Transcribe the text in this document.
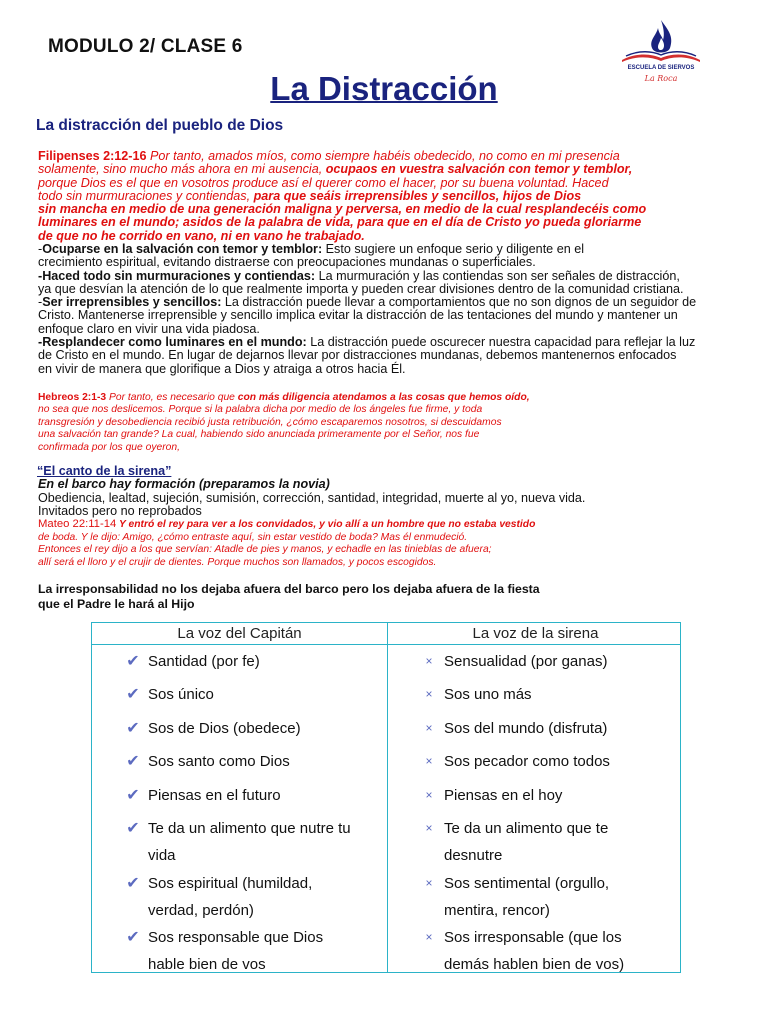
MODULO 2/ CLASE 6
La Distracción
ESCUELA DE SIERVOS
La Roca
La distracción del pueblo de Dios
Filipenses 2:12-16 Por tanto, amados míos, como siempre habéis obedecido, no como en mi presencia
solamente, sino mucho más ahora en mi ausencia, ocupaos en vuestra salvación con temor y temblor,
porque Dios es el que en vosotros produce así el querer como el hacer, por su buena voluntad. Haced
todo sin murmuraciones y contiendas, para que seáis irreprensibles y sencillos, hijos de Dios
sin mancha en medio de una generación maligna y perversa, en medio de la cual resplandecéis como
luminares en el mundo; asidos de la palabra de vida, para que en el día de Cristo yo pueda gloriarme
de que no he corrido en vano, ni en vano he trabajado.
-Ocuparse en la salvación con temor y temblor: Esto sugiere un enfoque serio y diligente en el
crecimiento espiritual, evitando distraerse con preocupaciones mundanas o superficiales.
-Haced todo sin murmuraciones y contiendas: La murmuración y las contiendas son ser señales de distracción,
ya que desvían la atención de lo que realmente importa y pueden crear divisiones dentro de la comunidad cristiana.
-Ser irreprensibles y sencillos: La distracción puede llevar a comportamientos que no son dignos de un seguidor de
Cristo. Mantenerse irreprensible y sencillo implica evitar la distracción de las tentaciones del mundo y mantener un
enfoque claro en vivir una vida piadosa.
-Resplandecer como luminares en el mundo: La distracción puede oscurecer nuestra capacidad para reflejar la luz
de Cristo en el mundo. En lugar de dejarnos llevar por distracciones mundanas, debemos mantenernos enfocados
en vivir de manera que glorifique a Dios y atraiga a otros hacia Él.
Hebreos 2:1-3 Por tanto, es necesario que con más diligencia atendamos a las cosas que hemos oído,
no sea que nos deslicemos. Porque si la palabra dicha por medio de los ángeles fue firme, y toda
transgresión y desobediencia recibió justa retribución, ¿cómo escaparemos nosotros, si descuidamos
una salvación tan grande? La cual, habiendo sido anunciada primeramente por el Señor, nos fue
confirmada por los que oyeron,
“El canto de la sirena”
En el barco hay formación (preparamos la novia)
Obediencia, lealtad, sujeción, sumisión, corrección, santidad, integridad, muerte al yo, nueva vida.
Invitados pero no reprobados
Mateo 22:11-14 Y entró el rey para ver a los convidados, y vio allí a un hombre que no estaba vestido
de boda. Y le dijo: Amigo, ¿cómo entraste aquí, sin estar vestido de boda? Mas él enmudeció.
Entonces el rey dijo a los que servían: Atadle de pies y manos, y echadle en las tinieblas de afuera;
allí será el lloro y el crujir de dientes. Porque muchos son llamados, y pocos escogidos.
La irresponsabilidad no los dejaba afuera del barco pero los dejaba afuera de la fiesta
que el Padre le hará al Hijo
La voz del Capitán	La voz de la sirena
✔ Santidad (por fe)
✔ Sos único
✔ Sos de Dios (obedece)
✔ Sos santo como Dios
✔ Piensas en el futuro
✔ Te da un alimento que nutre tu
vida
✔ Sos espiritual (humildad,
verdad, perdón)
✔ Sos responsable que Dios
hable bien de vos
× Sensualidad (por ganas)
× Sos uno más
× Sos del mundo (disfruta)
× Sos pecador como todos
× Piensas en el hoy
× Te da un alimento que te
desnutre
× Sos sentimental (orgullo,
mentira, rencor)
× Sos irresponsable (que los
demás hablen bien de vos)
